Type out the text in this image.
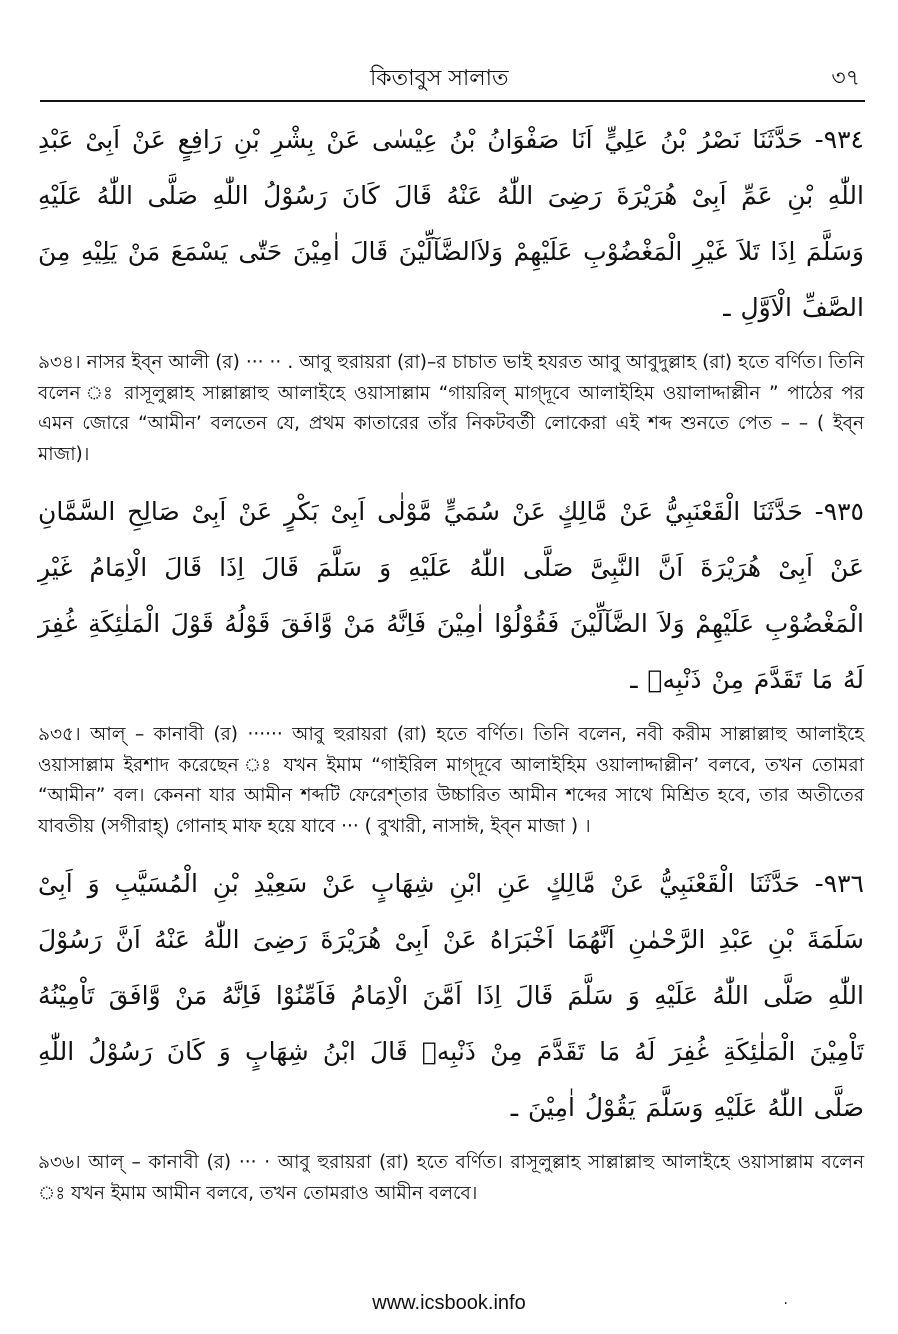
কিতাবুস সালাত	৩৭

٩٣٤- حَدَّثَنَا نَصْرُ بْنُ عَلِيٍّ اَنَا صَفْوَانُ بْنُ عِيْسٰى عَنْ بِشْرِ بْنِ رَافِعٍ عَنْ اَبِىْ عَبْدِ اللّٰهِ بْنِ عَمِّ اَبِىْ هُرَيْرَةَ رَضِىَ اللّٰهُ عَنْهُ قَالَ كَانَ رَسُوْلُ اللّٰهِ صَلَّى اللّٰهُ عَلَيْهِ وَسَلَّمَ اِذَا تَلاَ غَيْرِ الْمَغْضُوْبِ عَلَيْهِمْ وَلاَالضَّآلِّيْنَ قَالَ اٰمِيْنَ حَتّٰى يَسْمَعَ مَنْ يَلِيْهِ مِنَ الصَّفِّ الْاَوَّلِ ـ

৯৩৪। নাসর ইব্‌ন আলী (র) ··· ·· . আবু হুরায়রা (রা)–র চাচাত ভাই হযরত আবু আবুদুল্লাহ (রা) হতে বর্ণিত। তিনি বলেন ঃ রাসূলুল্লাহ সাল্লাল্লাহু আলাইহে ওয়াসাল্লাম “গায়রিল্‌ মাগ্‌দূবে আলাইহিম ওয়ালাদ্দাল্লীন ” পাঠের পর এমন জোরে “আমীন’ বলতেন যে, প্রথম কাতারের তাঁর নিকটবর্তী লোকেরা এই শব্দ শুনতে পেত – – ( ইব্‌ন মাজা)।

٩٣٥- حَدَّثَنَا الْقَعْنَبِيُّ عَنْ مَّالِكٍ عَنْ سُمَيٍّ مَّوْلٰى اَبِىْ بَكْرٍ عَنْ اَبِىْ صَالِحِ السَّمَّانِ عَنْ اَبِىْ هُرَيْرَةَ اَنَّ النَّبِىَّ صَلَّى اللّٰهُ عَلَيْهِ وَ سَلَّمَ قَالَ اِذَا قَالَ الْاِمَامُ غَيْرِ الْمَغْضُوْبِ عَلَيْهِمْ وَلاَ الضَّآلِّيْنَ فَقُوْلُوْا اٰمِيْنَ فَاِنَّهُ مَنْ وَّافَقَ قَوْلُهُ قَوْلَ الْمَلٰئِكَةِ غُفِرَ لَهُ مَا تَقَدَّمَ مِنْ ذَنْبِهٖ ـ

৯৩৫। আল্‌ – কানাবী (র) ······ আবু হুরায়রা (রা) হতে বর্ণিত। তিনি বলেন, নবী করীম সাল্লাল্লাহু আলাইহে ওয়াসাল্লাম ইরশাদ করেছেন ঃ যখন ইমাম “গাইরিল মাগ্‌দূবে আলাইহিম ওয়ালাদ্দাল্লীন’ বলবে, তখন তোমরা “আমীন” বল। কেননা যার আমীন শব্দটি ফেরেশ্‌তার উচ্চারিত আমীন শব্দের সাথে মিশ্রিত হবে, তার অতীতের যাবতীয় (সগীরাহ্‌) গোনাহ মাফ হয়ে যাবে ··· ( বুখারী, নাসাঈ, ইব্‌ন মাজা ) ।

٩٣٦- حَدَّثَنَا الْقَعْنَبِيُّ عَنْ مَّالِكٍ عَنِ ابْنِ شِهَابٍ عَنْ سَعِيْدِ بْنِ الْمُسَيَّبِ وَ اَبِىْ سَلَمَةَ بْنِ عَبْدِ الرَّحْمٰنِ اَنَّهُمَا اَخْبَرَاهُ عَنْ اَبِىْ هُرَيْرَةَ رَضِىَ اللّٰهُ عَنْهُ اَنَّ رَسُوْلَ اللّٰهِ صَلَّى اللّٰهُ عَلَيْهِ وَ سَلَّمَ قَالَ اِذَا اَمَّنَ الْاِمَامُ فَاَمِّنُوْا فَاِنَّهُ مَنْ وَّافَقَ تَاْمِيْنُهُ تَاْمِيْنَ الْمَلٰئِكَةِ غُفِرَ لَهُ مَا تَقَدَّمَ مِنْ ذَنْبِهٖ قَالَ ابْنُ شِهَابٍ وَ كَانَ رَسُوْلُ اللّٰهِ صَلَّى اللّٰهُ عَلَيْهِ وَسَلَّمَ يَقُوْلُ اٰمِيْنَ ـ

৯৩৬। আল্‌ – কানাবী (র) ··· · আবু হুরায়রা (রা) হতে বর্ণিত। রাসূলুল্লাহ সাল্লাল্লাহু আলাইহে ওয়াসাল্লাম বলেন ঃ যখন ইমাম আমীন বলবে, তখন তোমরাও আমীন বলবে।

www.icsbook.info	·
